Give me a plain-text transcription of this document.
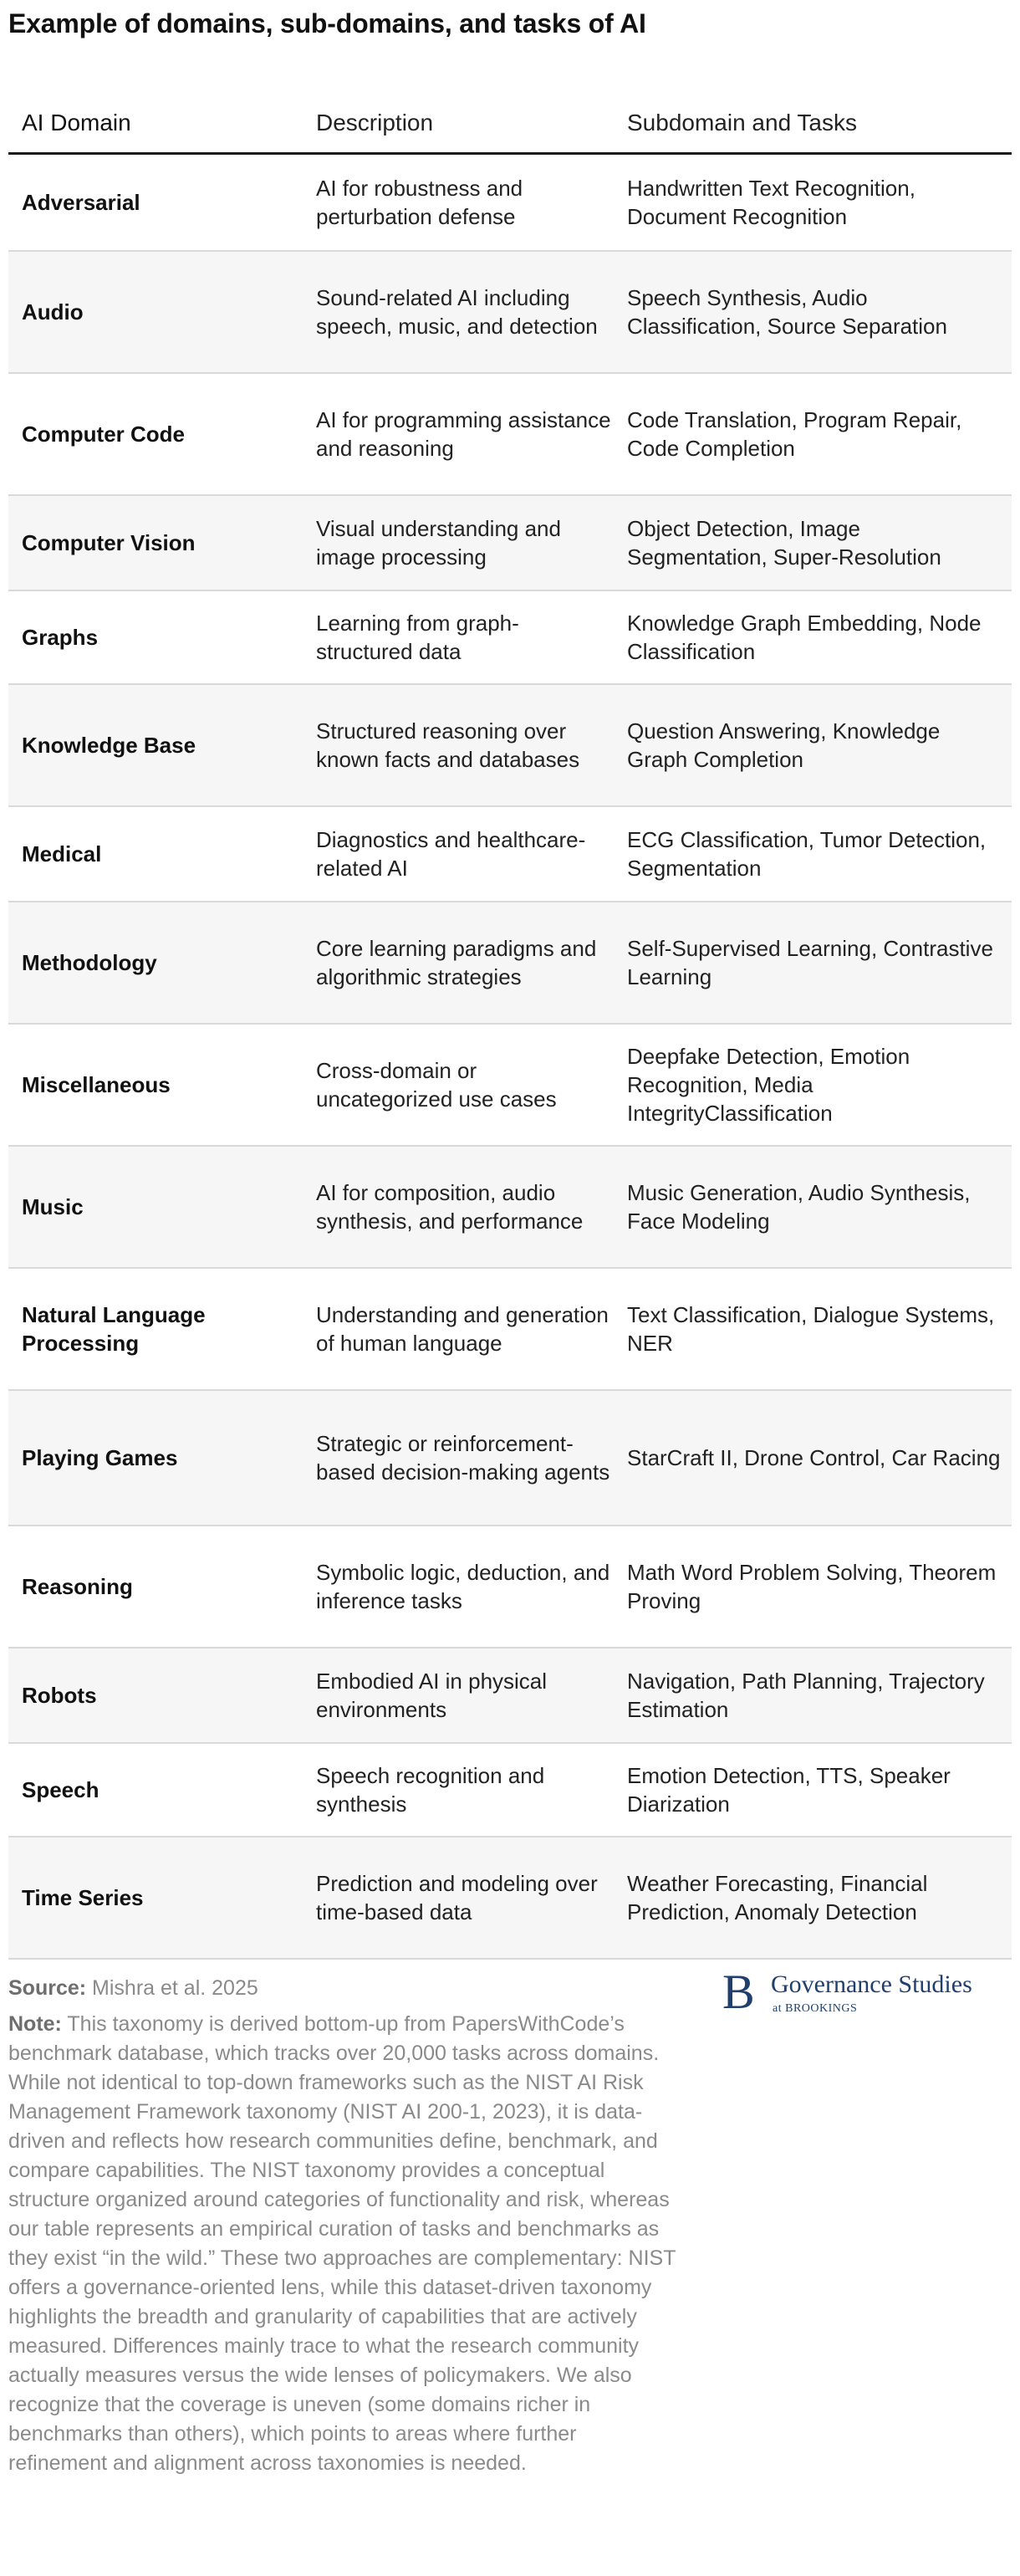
Example of domains, sub-domains, and tasks of AI
AI Domain	Description	Subdomain and Tasks
Adversarial
AI for robustness and perturbation defense
Handwritten Text Recognition, Document Recognition
Audio
Sound-related AI including speech, music, and detection
Speech Synthesis, Audio Classification, Source Separation
Computer Code
AI for programming assistance and reasoning
Code Translation, Program Repair, Code Completion
Computer Vision
Visual understanding and image processing
Object Detection, Image Segmentation, Super-Resolution
Graphs
Learning from graph-structured data
Knowledge Graph Embedding, Node Classification
Knowledge Base
Structured reasoning over known facts and databases
Question Answering, Knowledge Graph Completion
Medical
Diagnostics and healthcare-related AI
ECG Classification, Tumor Detection, Segmentation
Methodology
Core learning paradigms and algorithmic strategies
Self-Supervised Learning, Contrastive Learning
Miscellaneous
Cross-domain or uncategorized use cases
Deepfake Detection, Emotion Recognition, Media IntegrityClassification
Music
AI for composition, audio synthesis, and performance
Music Generation, Audio Synthesis, Face Modeling
Natural Language Processing
Understanding and generation of human language
Text Classification, Dialogue Systems, NER
Playing Games
Strategic or reinforcement-based decision-making agents
StarCraft II, Drone Control, Car Racing
Reasoning
Symbolic logic, deduction, and inference tasks
Math Word Problem Solving, Theorem Proving
Robots
Embodied AI in physical environments
Navigation, Path Planning, Trajectory Estimation
Speech
Speech recognition and synthesis
Emotion Detection, TTS, Speaker Diarization
Time Series
Prediction and modeling over time-based data
Weather Forecasting, Financial Prediction, Anomaly Detection
Source: Mishra et al. 2025
Note: This taxonomy is derived bottom-up from PapersWithCode’s benchmark database, which tracks over 20,000 tasks across domains. While not identical to top-down frameworks such as the NIST AI Risk Management Framework taxonomy (NIST AI 200-1, 2023), it is data-driven and reflects how research communities define, benchmark, and compare capabilities. The NIST taxonomy provides a conceptual structure organized around categories of functionality and risk, whereas our table represents an empirical curation of tasks and benchmarks as they exist “in the wild.” These two approaches are complementary: NIST offers a governance-oriented lens, while this dataset-driven taxonomy highlights the breadth and granularity of capabilities that are actively measured. Differences mainly trace to what the research community actually measures versus the wide lenses of policymakers. We also recognize that the coverage is uneven (some domains richer in benchmarks than others), which points to areas where further refinement and alignment across taxonomies is needed.
B Governance Studies
at BROOKINGS
